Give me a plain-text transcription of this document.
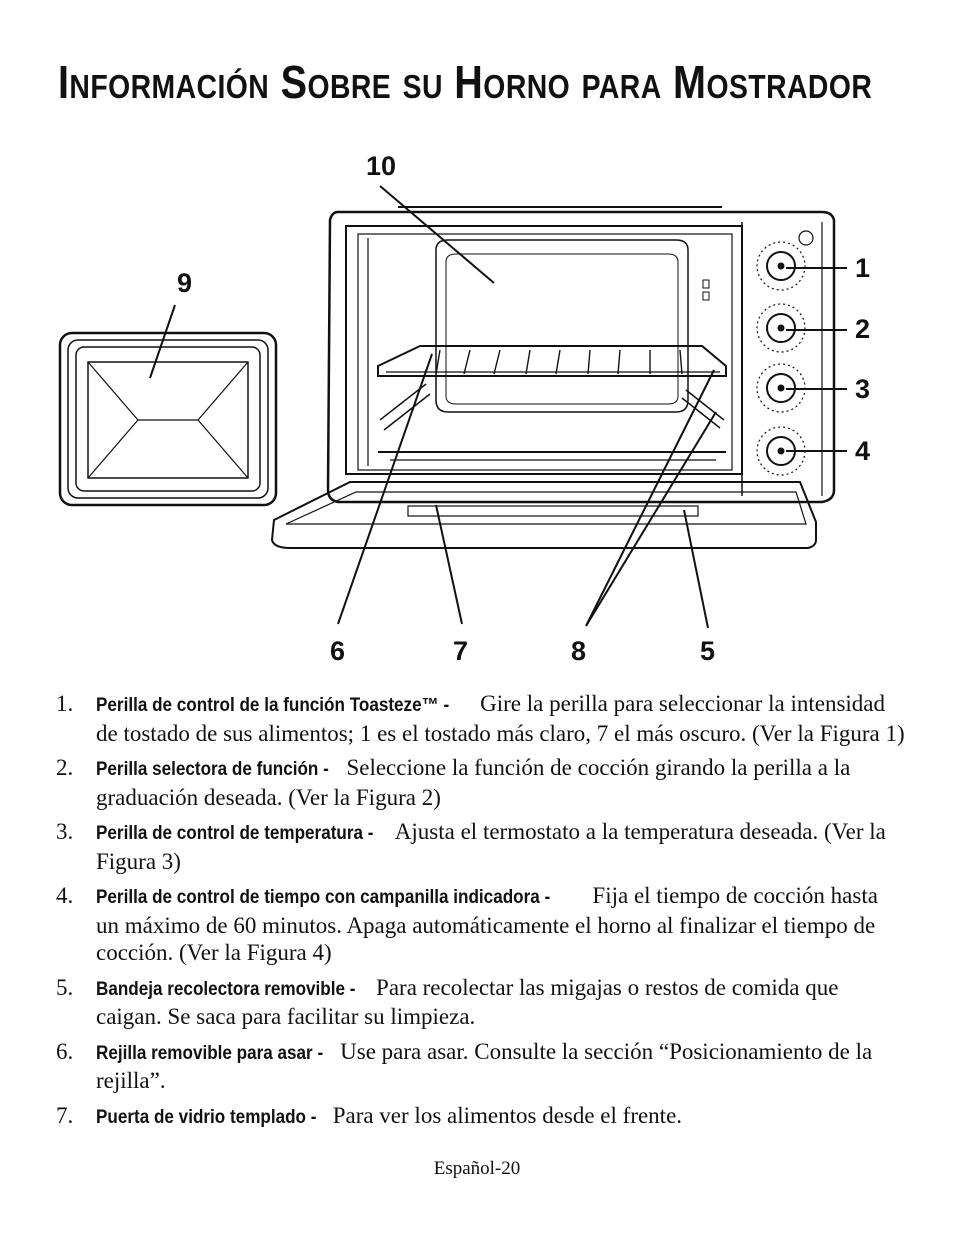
INFORMACIÓN SOBRE SU HORNO PARA MOSTRADOR
1
2
3
4
5
6	7	8
9
10
1. Perilla de control de la función Toasteze™ - Gire la perilla para seleccionar la intensidad de tostado de sus alimentos; 1 es el tostado más claro, 7 el más oscuro. (Ver la Figura 1)
2. Perilla selectora de función - Seleccione la función de cocción girando la perilla a la graduación deseada. (Ver la Figura 2)
3. Perilla de control de temperatura - Ajusta el termostato a la temperatura deseada. (Ver la Figura 3)
4. Perilla de control de tiempo con campanilla indicadora - Fija el tiempo de cocción hasta un máximo de 60 minutos. Apaga automáticamente el horno al finalizar el tiempo de cocción. (Ver la Figura 4)
5. Bandeja recolectora removible - Para recolectar las migajas o restos de comida que caigan. Se saca para facilitar su limpieza.
6. Rejilla removible para asar - Use para asar. Consulte la sección “Posicionamiento de la rejilla”.
7. Puerta de vidrio templado - Para ver los alimentos desde el frente.
Español-20
